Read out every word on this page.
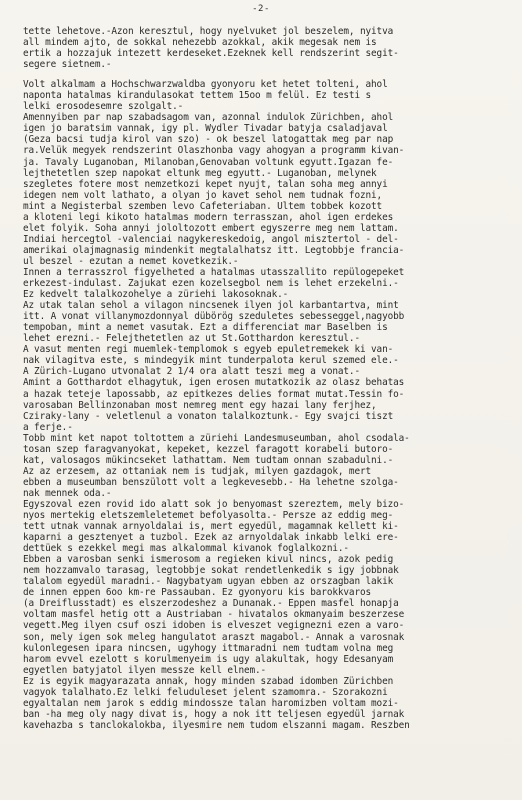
-2-
tette lehetove.-Azon keresztul, hogy nyelvuket jol beszelem, nyitva
all mindem ajto, de sokkal nehezebb azokkal, akik megesak nem is
ertik a hozzajuk intezett kerdeseket.Ezeknek kell rendszerint segit-
segere sietnem.-
Volt alkalmam a Hochschwarzwaldba gyonyoru ket hetet tolteni, ahol
naponta hatalmas kirandulasokat tettem 15oo m felül. Ez testi s
lelki erosodesemre szolgalt.-
Amennyiben par nap szabadsagom van, azonnal indulok Zürichben, ahol
igen jo baratsim vannak, igy pl. Wydler Tivadar batyja csaladjaval
(Geza bacsi tudja kirol van szo) - ok beszel latogattak meg par nap
ra.Velük megyek rendszerint Olaszhonba vagy ahogyan a programm kivan-
ja. Tavaly Luganoban, Milanoban,Genovaban voltunk egyutt.Igazan fe-
lejthetetlen szep napokat eltunk meg egyutt.- Luganoban, melynek
szegletes fotere most nemzetkozi kepet nyujt, talan soha meg annyi
idegen nem volt lathato, a olyan jo kavet sehol nem tudnak fozni,
mint a Negisterbal szemben levo Cafeteriaban. Ultem tobbek kozott
a kloteni legi kikoto hatalmas modern terrasszan, ahol igen erdekes
elet folyik. Soha annyi jololtozott embert egyszerre meg nem lattam.
Indiai hercegtol -valenciai nagykereskedoig, angol misztertol - del-
amerikai olajmagnasig mindenkit megtalalhatsz itt. Legtobbje francia-
ul beszel - ezutan a nemet kovetkezik.-
Innen a terrasszrol figyelheted a hatalmas utasszallito repülogepeket
erkezest-indulast. Zajukat ezen kozelsegbol nem is lehet erzekelni.-
Ez kedvelt talalkozohelye a züriehi lakosoknak.-
Az utak talan sehol a vilagon nincsenek ilyen jol karbantartva, mint
itt. A vonat villanymozdonnyal dübörög szeduletes sebesseggel,nagyobb
tempoban, mint a nemet vasutak. Ezt a differenciat mar Baselben is
lehet erezni.- Felejthetetlen az ut St.Gotthardon keresztul.-
A vasut menten regi muemlek-templomok s egyeb epuletremekek ki van-
nak vilagitva este, s mindegyik mint tunderpalota kerul szemed ele.-
A Zürich-Lugano utvonalat 2 1/4 ora alatt teszi meg a vonat.-
Amint a Gotthardot elhagytuk, igen erosen mutatkozik az olasz behatas
a hazak teteje lapossabb, az epitkezes delies format mutat.Tessin fo-
varosaban Bellinzonaban most nemreg ment egy hazai lany ferjhez,
Cziraky-lany - veletlenul a vonaton talalkoztunk.- Egy svajci tiszt
a ferje.-
Tobb mint ket napot toltottem a züriehi Landesmuseumban, ahol csodala-
tosan szep faragvanyokat, kepeket, kezzel faragott korabeli butoro-
kat, valosagos mükincseket lathattam. Nem tudtam onnan szabadulni.-
Az az erzesem, az ottaniak nem is tudjak, milyen gazdagok, mert
ebben a museumban benszülott volt a legkevesebb.- Ha lehetne szolga-
nak mennek oda.-
Egyszoval ezen rovid ido alatt sok jo benyomast szereztem, mely bizo-
nyos mertekig eletszemleletemet befolyasolta.- Persze az eddig meg-
tett utnak vannak arnyoldalai is, mert egyedül, magamnak kellett ki-
kaparni a gesztenyet a tuzbol. Ezek az arnyoldalak inkabb lelki ere-
dettüek s ezekkel megi mas alkalommal kivanok foglalkozni.-
Ebben a varosban senki ismerosom a regieken kivul nincs, azok pedig
nem hozzamvalo tarasag, legtobbje sokat rendetlenkedik s igy jobbnak
talalom egyedül maradni.- Nagybatyam ugyan ebben az orszagban lakik
de innen eppen 6oo km-re Passauban. Ez gyonyoru kis barokkvaros
(a Dreiflusstadt) es elszerzodeshez a Dunanak.- Eppen masfel honapja
voltam masfel hetig ott a Austriaban - hivatalos okmanyaim beszerzese
vegett.Meg ilyen csuf oszi idoben is elveszet vegignezni ezen a varo-
son, mely igen sok meleg hangulatot araszt magabol.- Annak a varosnak
kulonlegesen ipara nincsen, ugyhogy ittmaradni nem tudtam volna meg
harom evvel ezelott s korulmenyeim is ugy alakultak, hogy Edesanyam
egyetlen batyjatol ilyen messze kell elnem.-
Ez is egyik magyarazata annak, hogy minden szabad idomben Zürichben
vagyok talalhato.Ez lelki feluduleset jelent szamomra.- Szorakozni
egyaltalan nem jarok s eddig mindossze talan haromizben voltam mozi-
ban -ha meg oly nagy divat is, hogy a nok itt teljesen egyedül jarnak
kavehazba s tanclokalokba, ilyesmire nem tudom elszanni magam. Reszben
